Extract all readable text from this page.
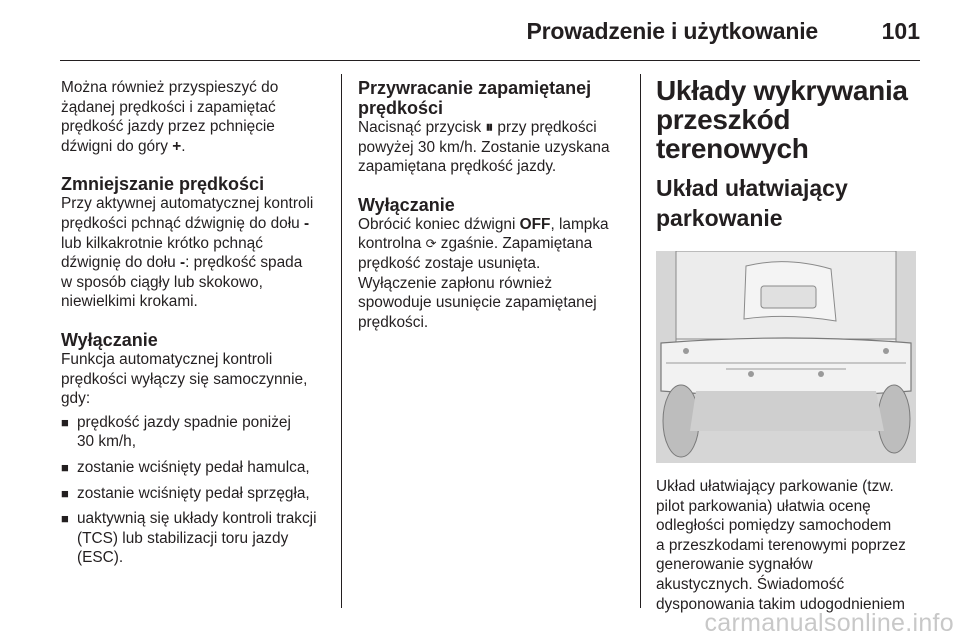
Prowadzenie i użytkowanie	101

Można również przyspieszyć do
żądanej prędkości i zapamiętać
prędkość jazdy przez pchnięcie
dźwigni do góry +.

Zmniejszanie prędkości

Przy aktywnej automatycznej kontroli
prędkości pchnąć dźwignię do dołu -
lub kilkakrotnie krótko pchnąć
dźwignię do dołu -: prędkość spada
w sposób ciągły lub skokowo,
niewielkimi krokami.

Wyłączanie

Funkcja automatycznej kontroli
prędkości wyłączy się samoczynnie,
gdy:

■ prędkość jazdy spadnie poniżej
30 km/h,
■ zostanie wciśnięty pedał hamulca,
■ zostanie wciśnięty pedał sprzęgła,
■ uaktywnią się układy kontroli trakcji
(TCS) lub stabilizacji toru jazdy
(ESC).

Przywracanie zapamiętanej
prędkości

Nacisnąć przycisk ⏸ przy prędkości
powyżej 30 km/h. Zostanie uzyskana
zapamiętana prędkość jazdy.

Wyłączanie

Obrócić koniec dźwigni OFF, lampka
kontrolna ⟳ zgaśnie. Zapamiętana
prędkość zostaje usunięta.
Wyłączenie zapłonu również
spowoduje usunięcie zapamiętanej
prędkości.

Układy wykrywania
przeszkód terenowych

Układ ułatwiający
parkowanie

Układ ułatwiający parkowanie (tzw.
pilot parkowania) ułatwia ocenę
odległości pomiędzy samochodem
a przeszkodami terenowymi poprzez
generowanie sygnałów
akustycznych. Świadomość
dysponowania takim udogodnieniem

carmanualsonline.info
